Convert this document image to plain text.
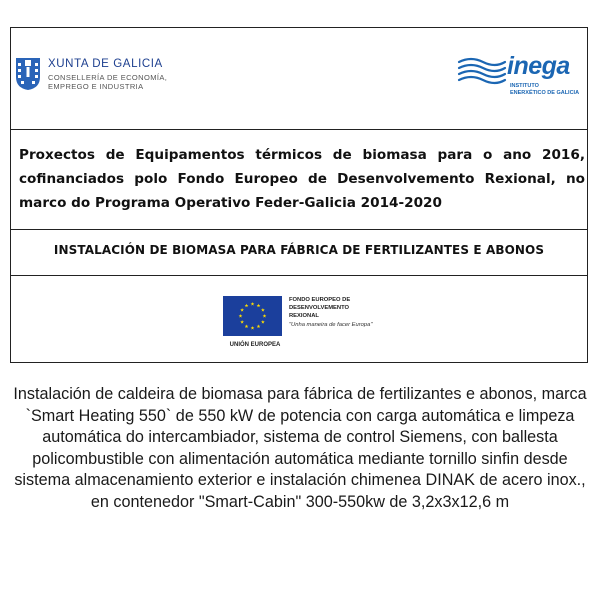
XUNTA DE GALICIA
CONSELLERÍA DE ECONOMÍA,
EMPREGO E INDUSTRIA
inega
INSTITUTO
ENERXÉTICO DE GALICIA
Proxectos de Equipamentos térmicos de biomasa para o ano 2016, cofinanciados polo Fondo Europeo de Desenvolvemento Rexional, no marco do Programa Operativo Feder-Galicia 2014-2020
INSTALACIÓN DE BIOMASA PARA FÁBRICA DE FERTILIZANTES E ABONOS
UNIÓN EUROPEA
FONDO EUROPEO DE
DESENVOLVEMENTO
REXIONAL
"Unha maneira de facer Europa"
Instalación de caldeira de biomasa para fábrica de fertilizantes e abonos, marca `Smart Heating 550` de 550 kW de potencia con carga automática e limpeza automática do intercambiador, sistema de control Siemens, con ballesta policombustible con alimentación automática mediante tornillo sinfin desde sistema almacenamiento exterior e instalación chimenea DINAK de acero inox., en contenedor "Smart-Cabin" 300-550kw de 3,2x3x12,6 m
